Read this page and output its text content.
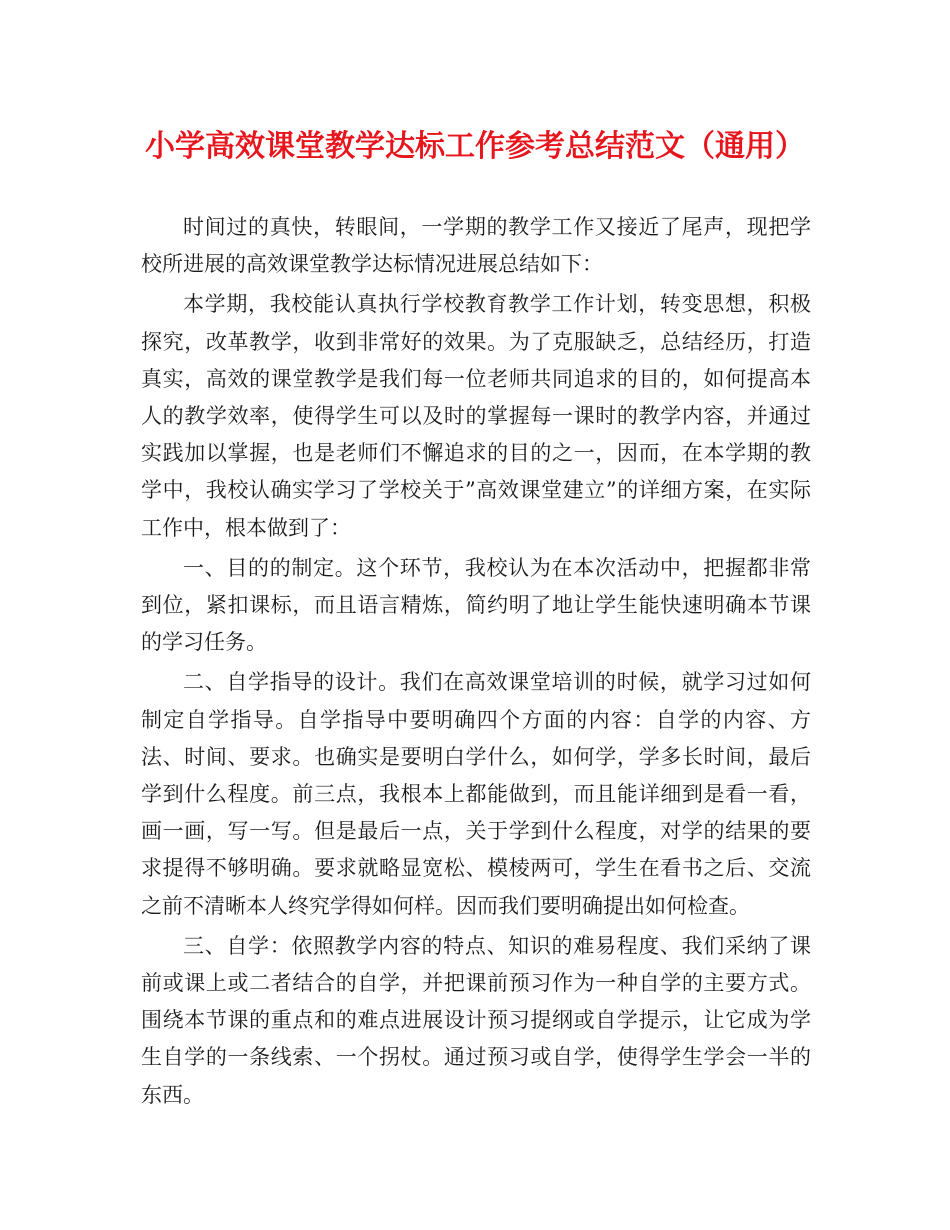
小学高效课堂教学达标工作参考总结范文（通用）

时间过的真快，转眼间，一学期的教学工作又接近了尾声，现把学校所进展的高效课堂教学达标情况进展总结如下：

本学期，我校能认真执行学校教育教学工作计划，转变思想，积极探究，改革教学，收到非常好的效果。为了克服缺乏，总结经历，打造真实，高效的课堂教学是我们每一位老师共同追求的目的，如何提高本人的教学效率，使得学生可以及时的掌握每一课时的教学内容，并通过实践加以掌握，也是老师们不懈追求的目的之一，因而，在本学期的教学中，我校认确实学习了学校关于”高效课堂建立”的详细方案，在实际工作中，根本做到了：

一、目的的制定。这个环节，我校认为在本次活动中，把握都非常到位，紧扣课标，而且语言精炼，简约明了地让学生能快速明确本节课的学习任务。

二、自学指导的设计。我们在高效课堂培训的时候，就学习过如何制定自学指导。自学指导中要明确四个方面的内容：自学的内容、方法、时间、要求。也确实是要明白学什么，如何学，学多长时间，最后学到什么程度。前三点，我根本上都能做到，而且能详细到是看一看，画一画，写一写。但是最后一点，关于学到什么程度，对学的结果的要求提得不够明确。要求就略显宽松、模棱两可，学生在看书之后、交流之前不清晰本人终究学得如何样。因而我们要明确提出如何检查。

三、自学：依照教学内容的特点、知识的难易程度、我们采纳了课前或课上或二者结合的自学，并把课前预习作为一种自学的主要方式。围绕本节课的重点和的难点进展设计预习提纲或自学提示，让它成为学生自学的一条线索、一个拐杖。通过预习或自学，使得学生学会一半的东西。
